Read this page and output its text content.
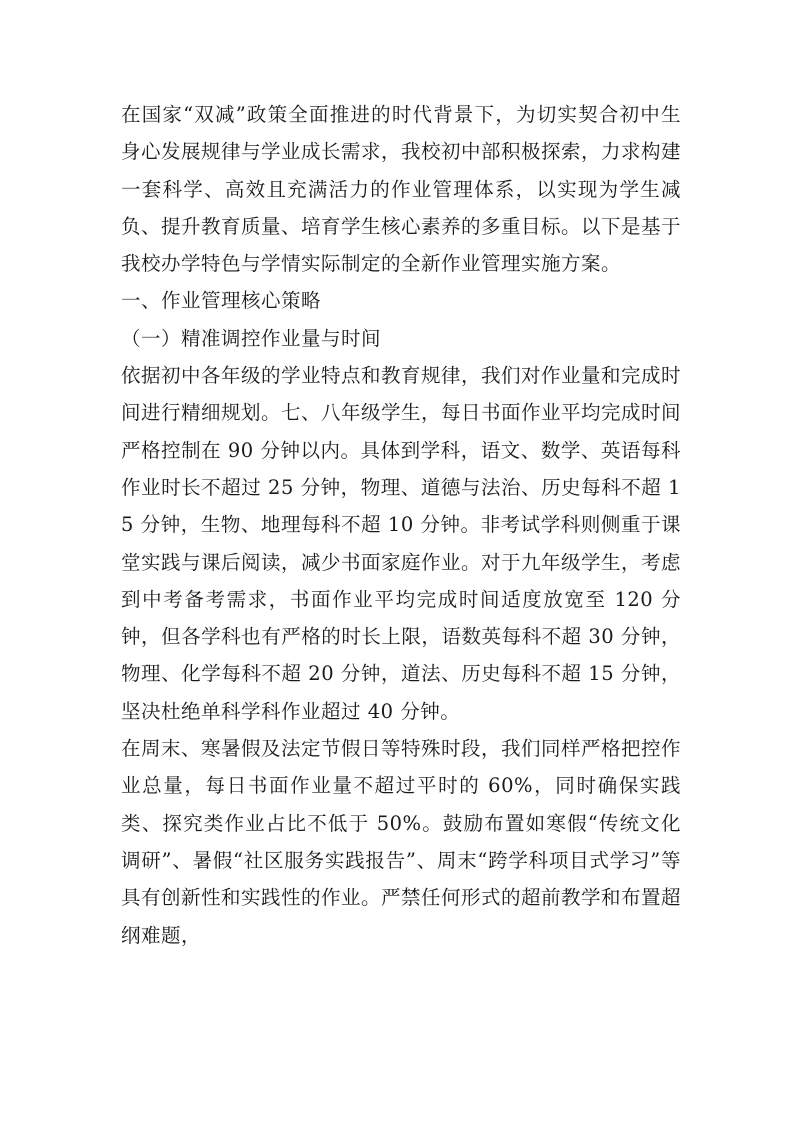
在国家“双减”政策全面推进的时代背景下，为切实契合初中生身心发展规律与学业成长需求，我校初中部积极探索，力求构建一套科学、高效且充满活力的作业管理体系，以实现为学生减负、提升教育质量、培育学生核心素养的多重目标。以下是基于我校办学特色与学情实际制定的全新作业管理实施方案。

一、作业管理核心策略

（一）精准调控作业量与时间

依据初中各年级的学业特点和教育规律，我们对作业量和完成时间进行精细规划。七、八年级学生，每日书面作业平均完成时间严格控制在 90 分钟以内。具体到学科，语文、数学、英语每科作业时长不超过 25 分钟，物理、道德与法治、历史每科不超 15 分钟，生物、地理每科不超 10 分钟。非考试学科则侧重于课堂实践与课后阅读，减少书面家庭作业。对于九年级学生，考虑到中考备考需求，书面作业平均完成时间适度放宽至 120 分钟，但各学科也有严格的时长上限，语数英每科不超 30 分钟，物理、化学每科不超 20 分钟，道法、历史每科不超 15 分钟，坚决杜绝单科学科作业超过 40 分钟。

在周末、寒暑假及法定节假日等特殊时段，我们同样严格把控作业总量，每日书面作业量不超过平时的 60%，同时确保实践类、探究类作业占比不低于 50%。鼓励布置如寒假“传统文化调研”、暑假“社区服务实践报告”、周末“跨学科项目式学习”等具有创新性和实践性的作业。严禁任何形式的超前教学和布置超纲难题，
